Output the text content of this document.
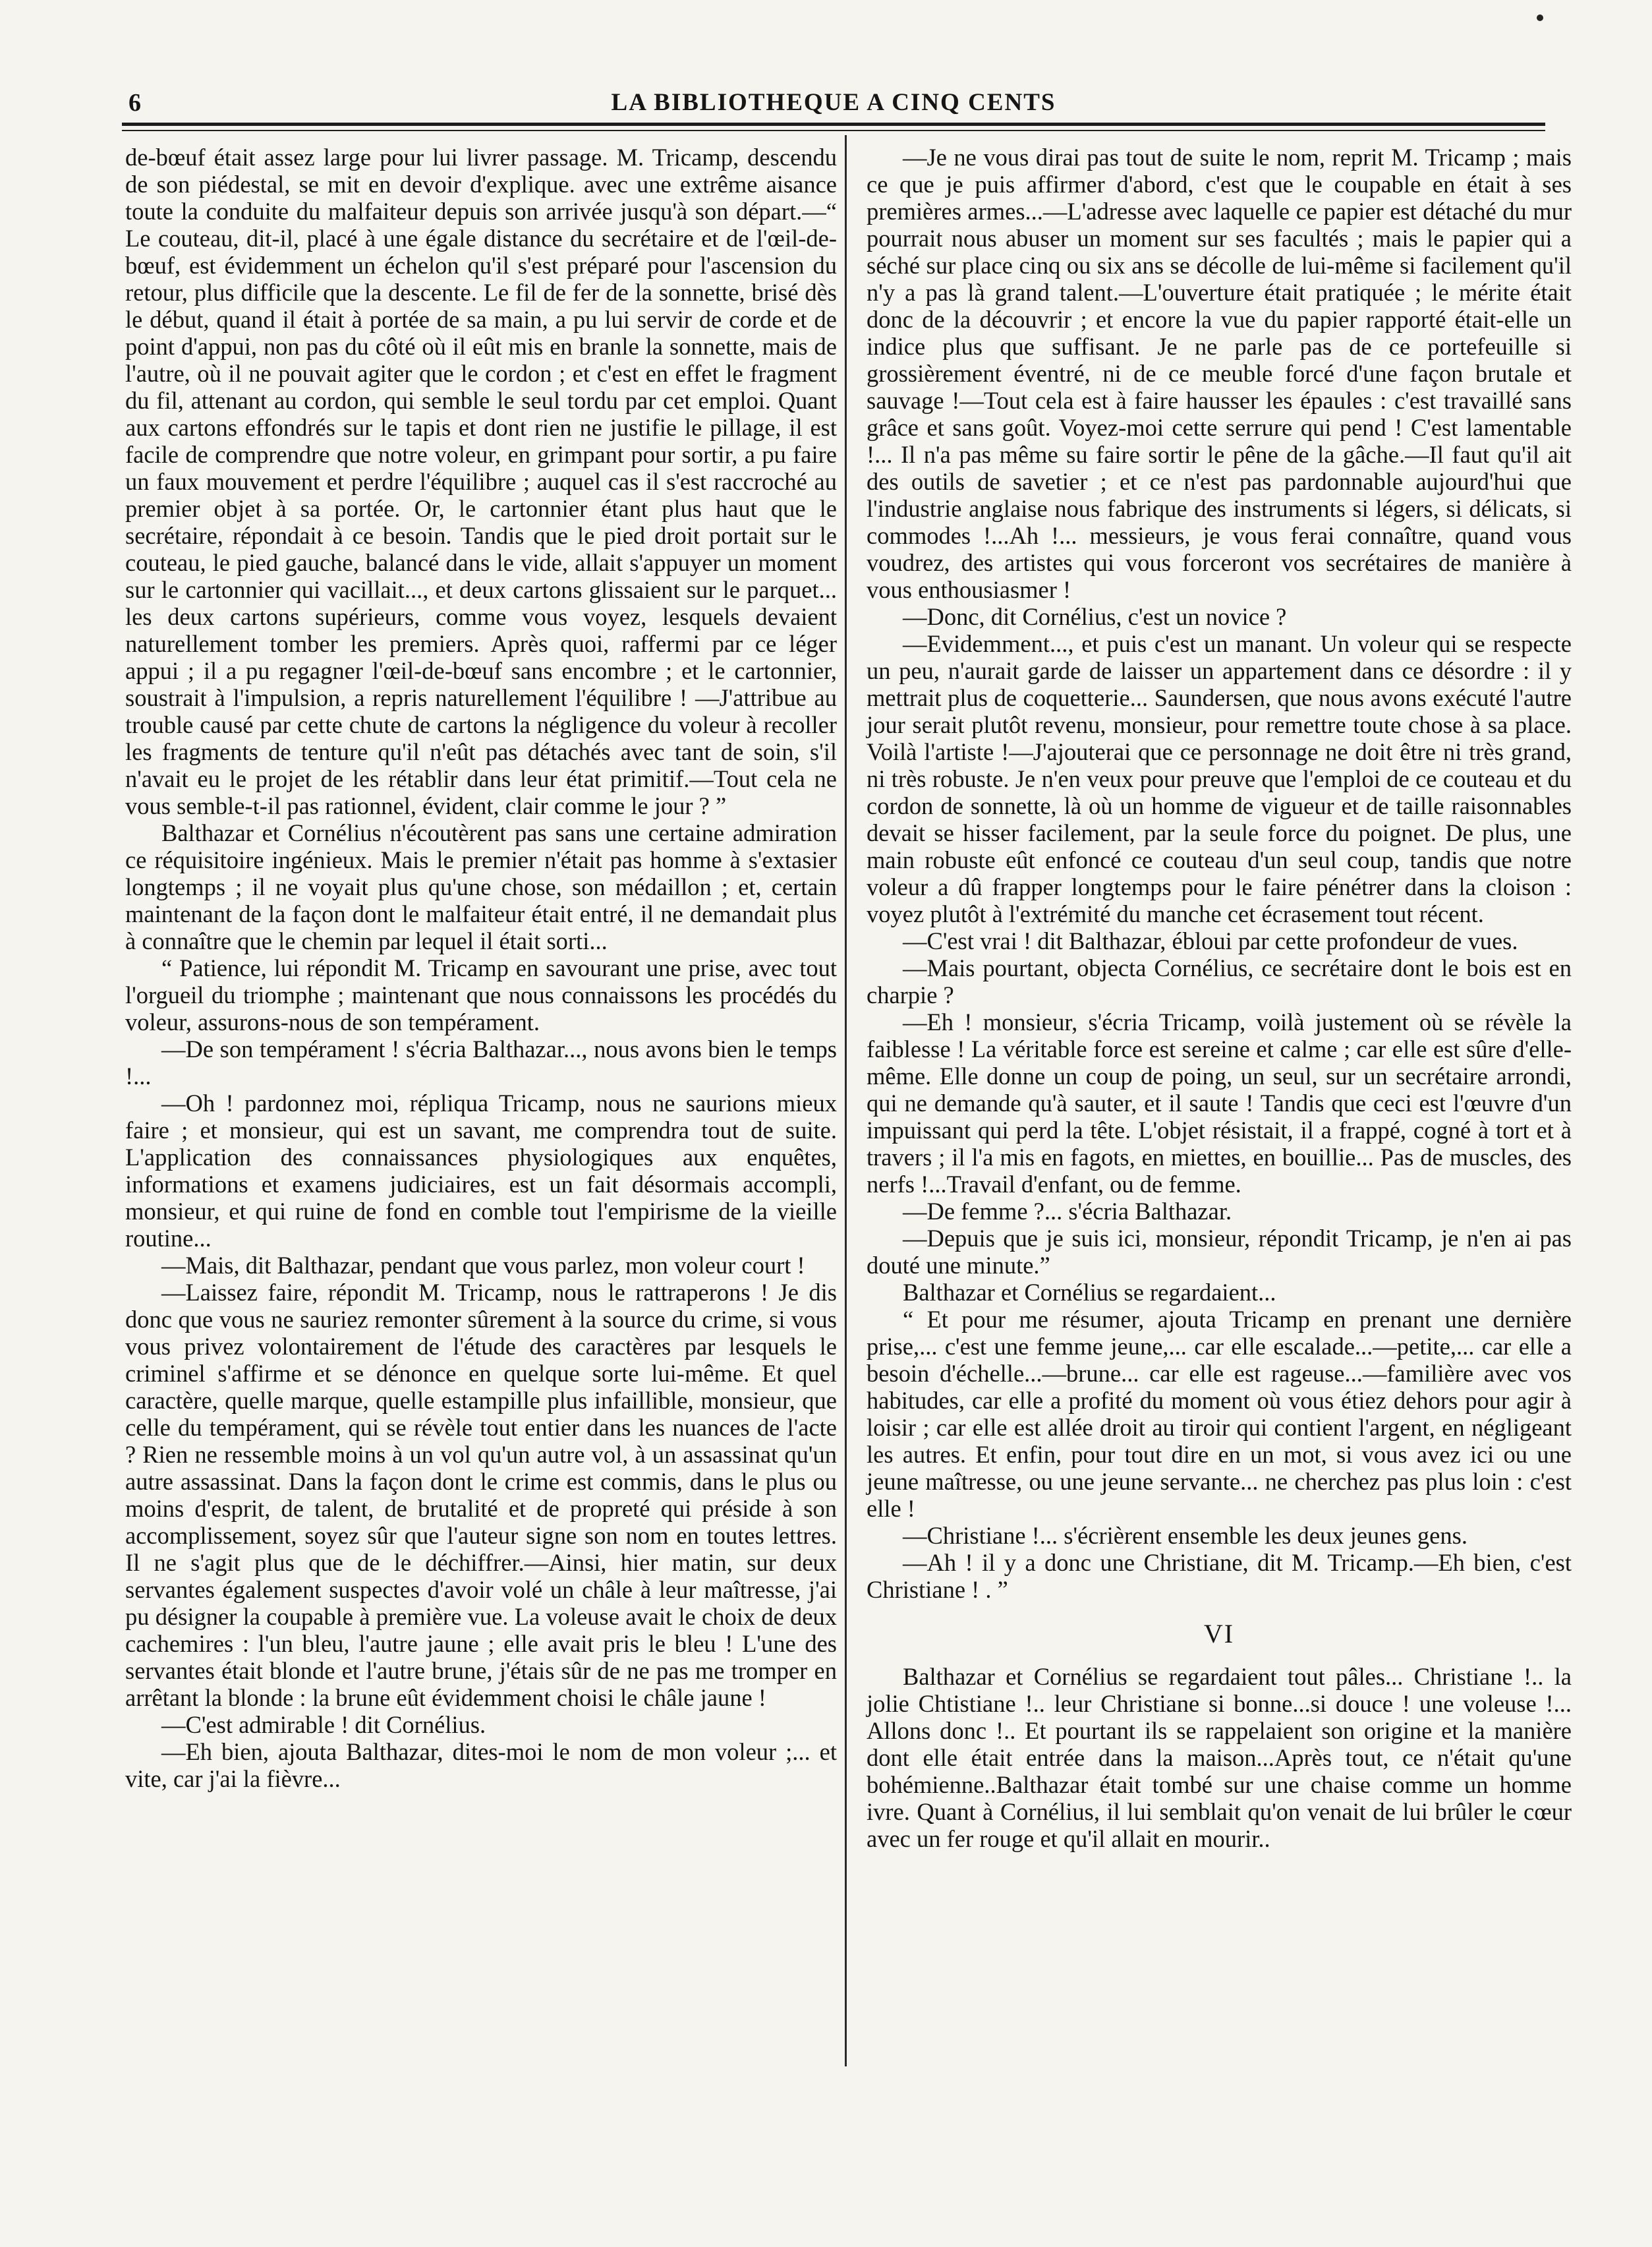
6	LA BIBLIOTHEQUE A CINQ CENTS

de-bœuf était assez large pour lui livrer passage. M. Tricamp, descendu de son piédestal, se mit en devoir d'explique. avec une extrême aisance toute la conduite du malfaiteur depuis son arrivée jusqu'à son départ.—“ Le couteau, dit-il, placé à une égale distance du secrétaire et de l'œil-de-bœuf, est évidemment un échelon qu'il s'est préparé pour l'ascension du retour, plus difficile que la descente. Le fil de fer de la sonnette, brisé dès le début, quand il était à portée de sa main, a pu lui servir de corde et de point d'appui, non pas du côté où il eût mis en branle la sonnette, mais de l'autre, où il ne pouvait agiter que le cordon ; et c'est en effet le fragment du fil, attenant au cordon, qui semble le seul tordu par cet emploi. Quant aux cartons effondrés sur le tapis et dont rien ne justifie le pillage, il est facile de comprendre que notre voleur, en grimpant pour sortir, a pu faire un faux mouvement et perdre l'équilibre ; auquel cas il s'est raccroché au premier objet à sa portée. Or, le cartonnier étant plus haut que le secrétaire, répondait à ce besoin. Tandis que le pied droit portait sur le couteau, le pied gauche, balancé dans le vide, allait s'appuyer un moment sur le cartonnier qui vacillait..., et deux cartons glissaient sur le parquet... les deux cartons supérieurs, comme vous voyez, lesquels devaient naturellement tomber les premiers. Après quoi, raffermi par ce léger appui ; il a pu regagner l'œil-de-bœuf sans encombre ; et le cartonnier, soustrait à l'impulsion, a repris naturellement l'équilibre ! —J'attribue au trouble causé par cette chute de cartons la négligence du voleur à recoller les fragments de tenture qu'il n'eût pas détachés avec tant de soin, s'il n'avait eu le projet de les rétablir dans leur état primitif.—Tout cela ne vous semble-t-il pas rationnel, évident, clair comme le jour ? ”

Balthazar et Cornélius n'écoutèrent pas sans une certaine admiration ce réquisitoire ingénieux. Mais le premier n'était pas homme à s'extasier longtemps ; il ne voyait plus qu'une chose, son médaillon ; et, certain maintenant de la façon dont le malfaiteur était entré, il ne demandait plus à connaître que le chemin par lequel il était sorti...

“ Patience, lui répondit M. Tricamp en savourant une prise, avec tout l'orgueil du triomphe ; maintenant que nous connaissons les procédés du voleur, assurons-nous de son tempérament.

—De son tempérament ! s'écria Balthazar..., nous avons bien le temps !...

—Oh ! pardonnez moi, répliqua Tricamp, nous ne saurions mieux faire ; et monsieur, qui est un savant, me comprendra tout de suite. L'application des connaissances physiologiques aux enquêtes, informations et examens judiciaires, est un fait désormais accompli, monsieur, et qui ruine de fond en comble tout l'empirisme de la vieille routine...

—Mais, dit Balthazar, pendant que vous parlez, mon voleur court !

—Laissez faire, répondit M. Tricamp, nous le rattraperons ! Je dis donc que vous ne sauriez remonter sûrement à la source du crime, si vous vous privez volontairement de l'étude des caractères par lesquels le criminel s'affirme et se dénonce en quelque sorte lui-même. Et quel caractère, quelle marque, quelle estampille plus infaillible, monsieur, que celle du tempérament, qui se révèle tout entier dans les nuances de l'acte ? Rien ne ressemble moins à un vol qu'un autre vol, à un assassinat qu'un autre assassinat. Dans la façon dont le crime est commis, dans le plus ou moins d'esprit, de talent, de brutalité et de propreté qui préside à son accomplissement, soyez sûr que l'auteur signe son nom en toutes lettres. Il ne s'agit plus que de le déchiffrer.—Ainsi, hier matin, sur deux servantes également suspectes d'avoir volé un châle à leur maîtresse, j'ai pu désigner la coupable à première vue. La voleuse avait le choix de deux cachemires : l'un bleu, l'autre jaune ; elle avait pris le bleu ! L'une des servantes était blonde et l'autre brune, j'étais sûr de ne pas me tromper en arrêtant la blonde : la brune eût évidemment choisi le châle jaune !

—C'est admirable ! dit Cornélius.

—Eh bien, ajouta Balthazar, dites-moi le nom de mon voleur ;... et vite, car j'ai la fièvre...

—Je ne vous dirai pas tout de suite le nom, reprit M. Tricamp ; mais ce que je puis affirmer d'abord, c'est que le coupable en était à ses premières armes...—L'adresse avec laquelle ce papier est détaché du mur pourrait nous abuser un moment sur ses facultés ; mais le papier qui a séché sur place cinq ou six ans se décolle de lui-même si facilement qu'il n'y a pas là grand talent.—L'ouverture était pratiquée ; le mérite était donc de la découvrir ; et encore la vue du papier rapporté était-elle un indice plus que suffisant. Je ne parle pas de ce portefeuille si grossièrement éventré, ni de ce meuble forcé d'une façon brutale et sauvage !—Tout cela est à faire hausser les épaules : c'est travaillé sans grâce et sans goût. Voyez-moi cette serrure qui pend ! C'est lamentable !... Il n'a pas même su faire sortir le pêne de la gâche.—Il faut qu'il ait des outils de savetier ; et ce n'est pas pardonnable aujourd'hui que l'industrie anglaise nous fabrique des instruments si légers, si délicats, si commodes !...Ah !... messieurs, je vous ferai connaître, quand vous voudrez, des artistes qui vous forceront vos secrétaires de manière à vous enthousiasmer !

—Donc, dit Cornélius, c'est un novice ?

—Evidemment..., et puis c'est un manant. Un voleur qui se respecte un peu, n'aurait garde de laisser un appartement dans ce désordre : il y mettrait plus de coquetterie... Saundersen, que nous avons exécuté l'autre jour serait plutôt revenu, monsieur, pour remettre toute chose à sa place. Voilà l'artiste !—J'ajouterai que ce personnage ne doit être ni très grand, ni très robuste. Je n'en veux pour preuve que l'emploi de ce couteau et du cordon de sonnette, là où un homme de vigueur et de taille raisonnables devait se hisser facilement, par la seule force du poignet. De plus, une main robuste eût enfoncé ce couteau d'un seul coup, tandis que notre voleur a dû frapper longtemps pour le faire pénétrer dans la cloison : voyez plutôt à l'extrémité du manche cet écrasement tout récent.

—C'est vrai ! dit Balthazar, ébloui par cette profondeur de vues.

—Mais pourtant, objecta Cornélius, ce secrétaire dont le bois est en charpie ?

—Eh ! monsieur, s'écria Tricamp, voilà justement où se révèle la faiblesse ! La véritable force est sereine et calme ; car elle est sûre d'elle-même. Elle donne un coup de poing, un seul, sur un secrétaire arrondi, qui ne demande qu'à sauter, et il saute ! Tandis que ceci est l'œuvre d'un impuissant qui perd la tête. L'objet résistait, il a frappé, cogné à tort et à travers ; il l'a mis en fagots, en miettes, en bouillie... Pas de muscles, des nerfs !...Travail d'enfant, ou de femme.

—De femme ?... s'écria Balthazar.

—Depuis que je suis ici, monsieur, répondit Tricamp, je n'en ai pas douté une minute.”

Balthazar et Cornélius se regardaient...

“ Et pour me résumer, ajouta Tricamp en prenant une dernière prise,... c'est une femme jeune,... car elle escalade...—petite,... car elle a besoin d'échelle...—brune... car elle est rageuse...—familière avec vos habitudes, car elle a profité du moment où vous étiez dehors pour agir à loisir ; car elle est allée droit au tiroir qui contient l'argent, en négligeant les autres. Et enfin, pour tout dire en un mot, si vous avez ici ou une jeune maîtresse, ou une jeune servante... ne cherchez pas plus loin : c'est elle !

—Christiane !... s'écrièrent ensemble les deux jeunes gens.

—Ah ! il y a donc une Christiane, dit M. Tricamp.—Eh bien, c'est Christiane ! . ”

VI

Balthazar et Cornélius se regardaient tout pâles... Christiane !.. la jolie Chtistiane !.. leur Christiane si bonne...si douce ! une voleuse !... Allons donc !.. Et pourtant ils se rappelaient son origine et la manière dont elle était entrée dans la maison...Après tout, ce n'était qu'une bohémienne..Balthazar était tombé sur une chaise comme un homme ivre. Quant à Cornélius, il lui semblait qu'on venait de lui brûler le cœur avec un fer rouge et qu'il allait en mourir..
